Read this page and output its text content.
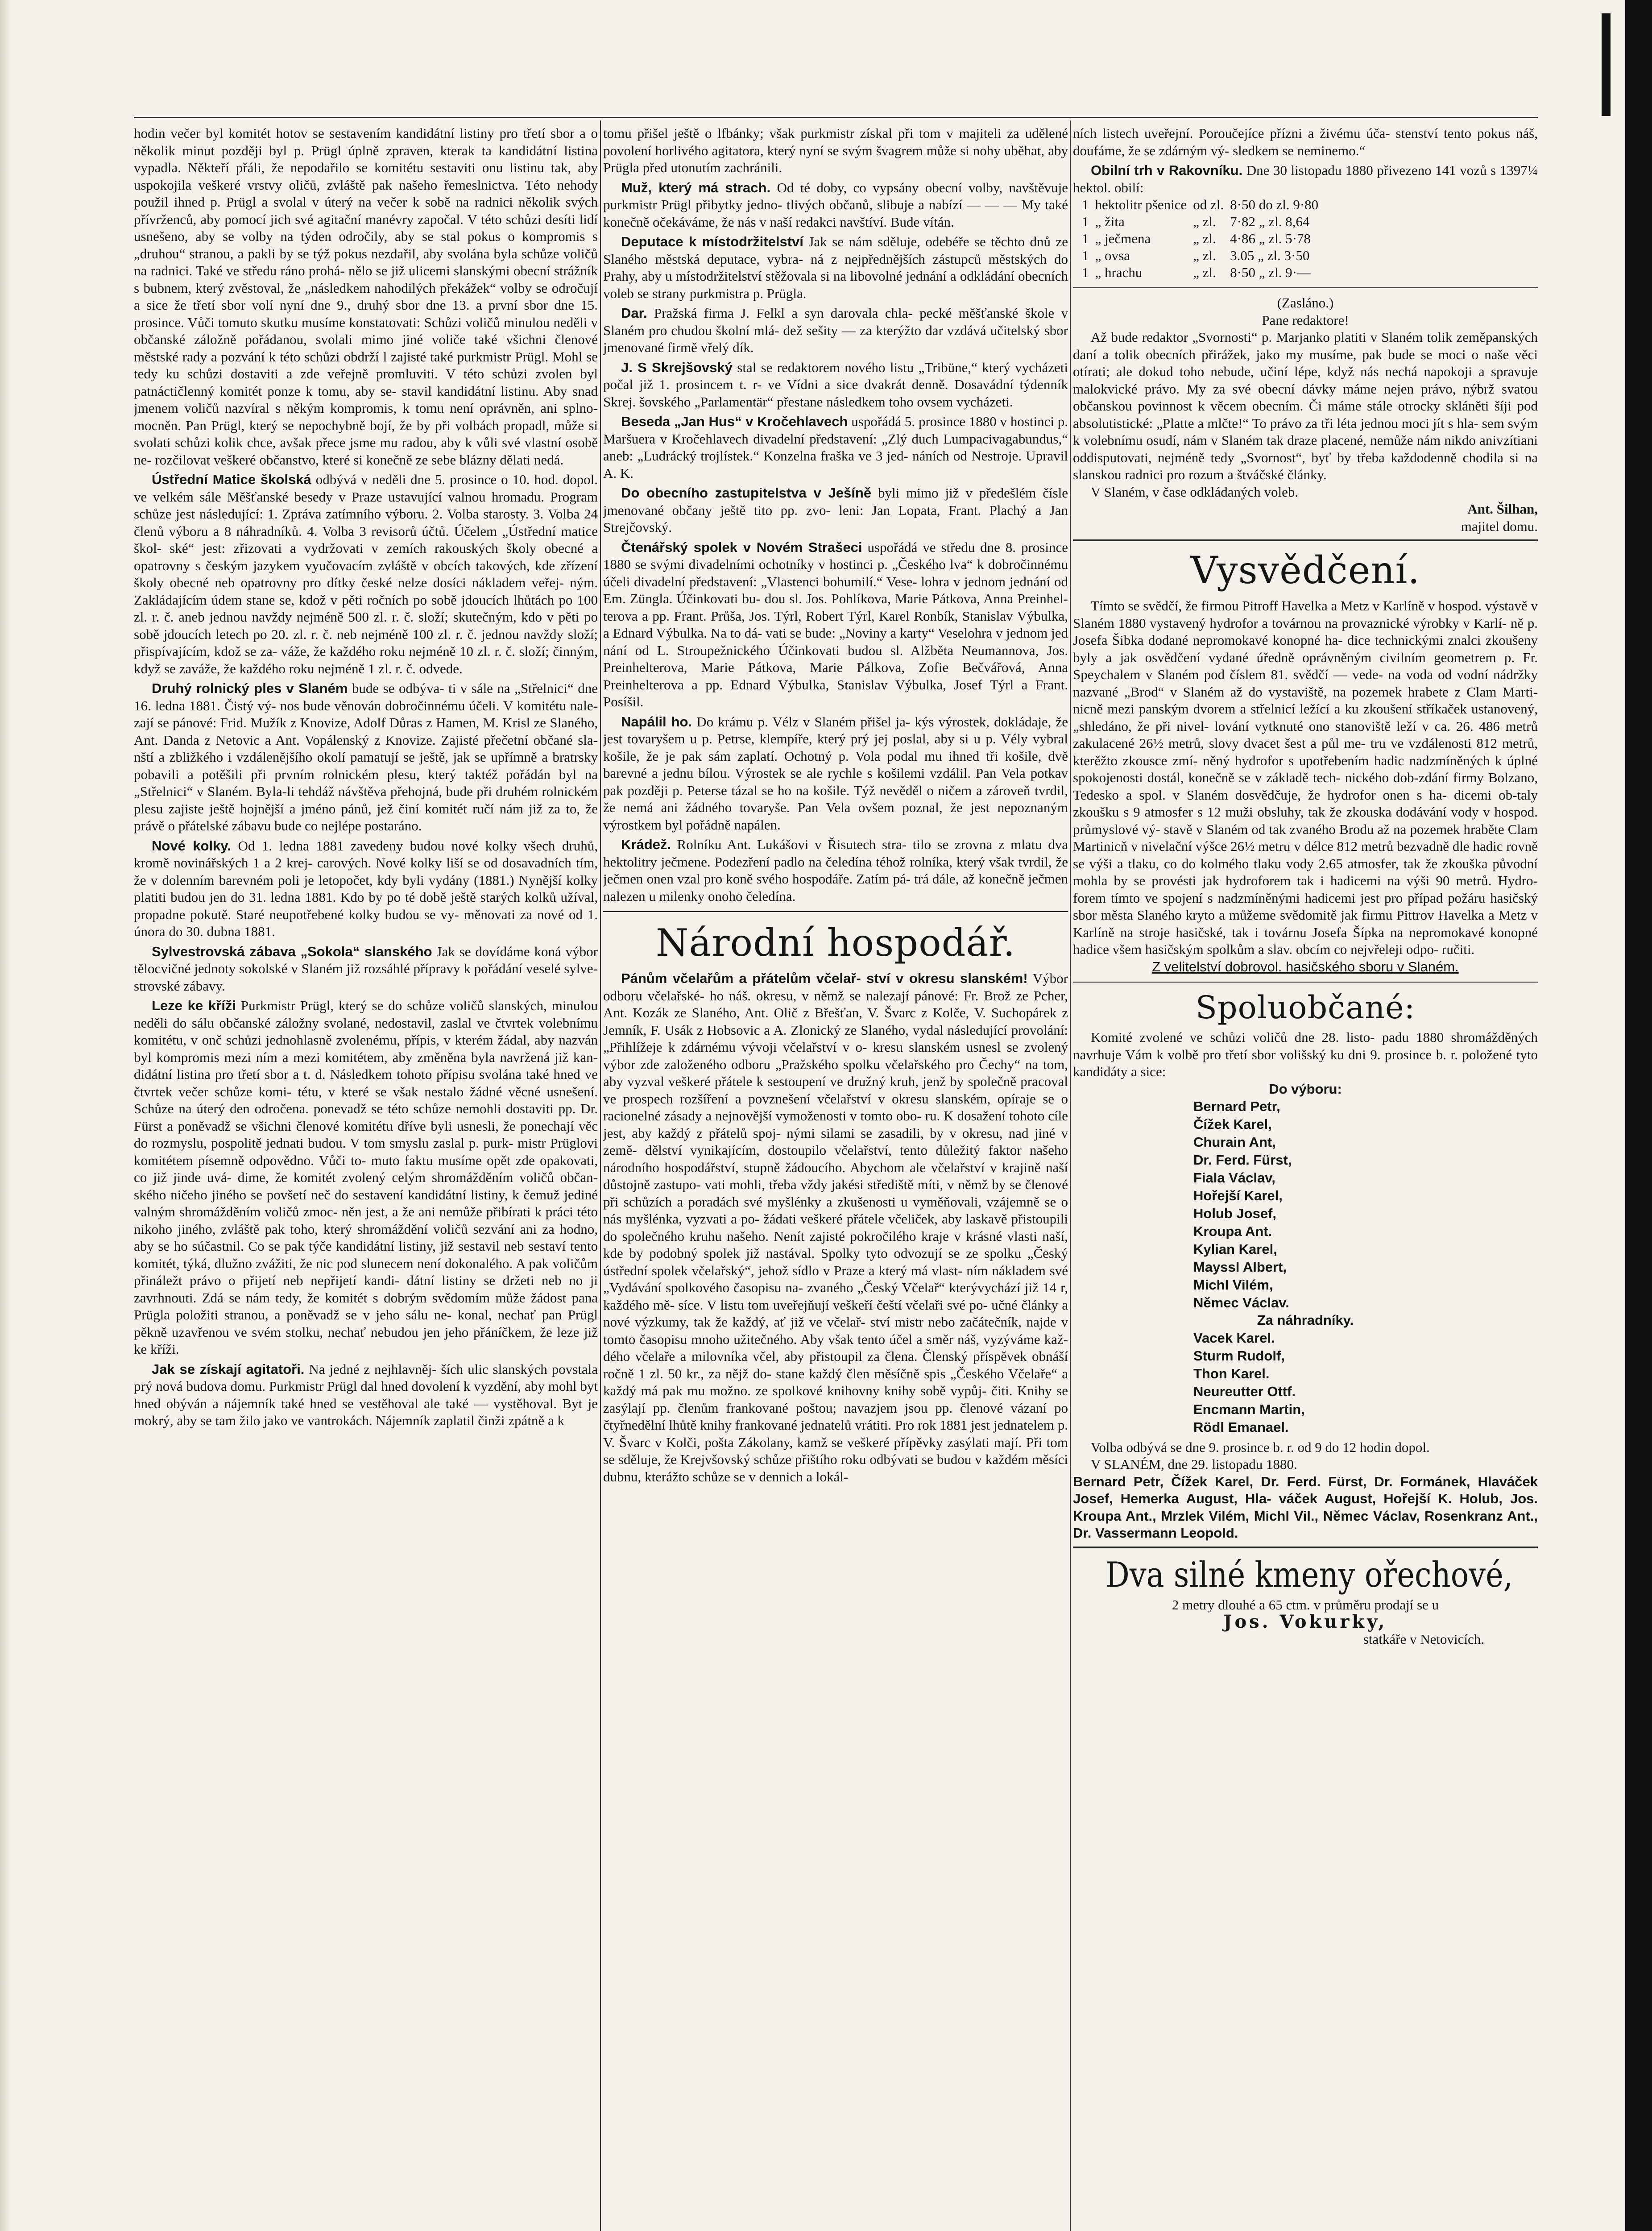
hodin večer byl komitét hotov se sestavením kandidátní listiny pro třetí sbor a o několik minut později byl p. Prügl úplně zpraven, kterak ta kandidátní listina vypadla. Někteří přáli, že nepodařilo se komitétu sestaviti onu listinu tak, aby uspokojila veškeré vrstvy oličů, zvláště pak našeho řemeslnictva. Této nehody použil ihned p. Prügl a svolal v úterý na večer k sobě na radnici několik svých přívrženců, aby pomocí jich své agitační manévry započal. V této schůzi desíti lidí usnešeno, aby se volby na týden odročily, aby se stal pokus o kompromis s „druhou“ stranou, a pakli by se týž pokus nezdařil, aby svolána byla schůze voličů na radnici. Také ve středu ráno prohá- nělo se již ulicemi slanskými obecní strážník s bubnem, který zvěstoval, že „následkem nahodilých překážek“ volby se odročují a sice že třetí sbor volí nyní dne 9., druhý sbor dne 13. a první sbor dne 15. prosince. Vůči tomuto skutku musíme konstatovati: Schůzi voličů minulou neděli v občanské záložně pořádanou, svolali mimo jiné voliče také všichni členové městské rady a pozvání k této schůzi obdrží l zajisté také purkmistr Prügl. Mohl se tedy ku schůzi dostaviti a zde veřejně promluviti. V této schůzi zvolen byl patnáctičlenný komitét ponze k tomu, aby se- stavil kandidátní listinu. Aby snad jmenem voličů nazvíral s někým kompromis, k tomu není oprávněn, ani splno- mocněn. Pan Prügl, který se nepochybně bojí, že by při volbách propadl, může si svolati schůzi kolik chce, avšak přece jsme mu radou, aby k vůli své vlastní osobě ne- rozčilovat veškeré občanstvo, které si konečně ze sebe blázny dělati nedá.

Ústřední Matice školská odbývá v neděli dne 5. prosince o 10. hod. dopol. ve velkém sále Měšťanské besedy v Praze ustavující valnou hromadu. Program schůze jest následující: 1. Zpráva zatímního výboru. 2. Volba starosty. 3. Volba 24 členů výboru a 8 náhradníků. 4. Volba 3 revisorů účtů. Účelem „Ústřední matice škol- ské“ jest: zřizovati a vydržovati v zemích rakouských školy obecné a opatrovny s českým jazykem vyučovacím zvláště v obcích takových, kde zřízení školy obecné neb opatrovny pro dítky české nelze dosíci nákladem veřej- ným. Zakládajícím údem stane se, kdož v pěti ročních po sobě jdoucích lhůtách po 100 zl. r. č. aneb jednou navždy nejméně 500 zl. r. č. složí; skutečným, kdo v pěti po sobě jdoucích letech po 20. zl. r. č. neb nejméně 100 zl. r. č. jednou navždy složí; přispívajícím, kdož se za- váže, že každého roku nejméně 10 zl. r. č. složí; činným, když se zaváže, že každého roku nejméně 1 zl. r. č. odvede.

Druhý rolnický ples v Slaném bude se odbýva- ti v sále na „Střelnici“ dne 16. ledna 1881. Čistý vý- nos bude věnován dobročinnému účeli. V komitétu nale- zají se pánové: Frid. Mužík z Knovize, Adolf Důras z Hamen, M. Krisl ze Slaného, Ant. Danda z Netovic a Ant. Vopálenský z Knovize. Zajisté přečetní občané sla- nští a zbližkého i vzdálenějšího okolí pamatují se ještě, jak se upřímně a bratrsky pobavili a potěšili při prvním rolnickém plesu, který taktéž pořádán byl na „Střelnici“ v Slaném. Byla-li tehdáž návštěva přehojná, bude při druhém rolnickém plesu zajiste ještě hojnější a jméno pánů, jež činí komitét ručí nám již za to, že právě o přátelské zábavu bude co nejlépe postaráno.

Nové kolky. Od 1. ledna 1881 zavedeny budou nové kolky všech druhů, kromě novinářských 1 a 2 krej- carových. Nové kolky liší se od dosavadních tím, že v dolenním barevném poli je letopočet, kdy byli vydány (1881.) Nynější kolky platiti budou jen do 31. ledna 1881. Kdo by po té době ještě starých kolků užíval, propadne pokutě. Staré neupotřebené kolky budou se vy- měnovati za nové od 1. února do 30. dubna 1881.

Sylvestrovská zábava „Sokola“ slanského Jak se dovídáme koná výbor tělocvičné jednoty sokolské v Slaném již rozsáhlé přípravy k pořádání veselé sylve- strovské zábavy.

Leze ke kříži Purkmistr Prügl, který se do schůze voličů slanských, minulou neděli do sálu občanské záložny svolané, nedostavil, zaslal ve čtvrtek volebnímu komitétu, v onč schůzi jednohlasně zvolenému, přípis, v kterém žádal, aby nazván byl kompromis mezi ním a mezi komitétem, aby změněna byla navržená již kan- didátní listina pro třetí sbor a t. d. Následkem tohoto přípisu svolána také hned ve čtvrtek večer schůze komi- tétu, v které se však nestalo žádné věcné usnešení. Schůze na úterý den odročena. ponevadž se této schůze nemohli dostaviti pp. Dr. Fürst a poněvadž se všichni členové komitétu dříve byli usnesli, že ponechají věc do rozmyslu, pospolitě jednati budou. V tom smyslu zaslal p. purk- mistr Prüglovi komitétem písemně odpovědno. Vůči to- muto faktu musíme opět zde opakovati, co již jinde uvá- dime, že komitét zvolený celým shromážděním voličů občan- ského ničeho jiného se povšetí neč do sestavení kandidátní listiny, k čemuž jediné valným shromážděním voličů zmoc- něn jest, a že ani nemůže přibírati k práci této nikoho jiného, zvláště pak toho, který shromáždění voličů sezvání ani za hodno, aby se ho súčastnil. Co se pak týče kandidátní listiny, již sestavil neb sestaví tento komitét, týká, dlužno zvážiti, že nic pod slunecem není dokonalého. A pak voličům přináležt právo o přijetí neb nepřijetí kandi- dátní listiny se držeti neb no ji zavrhnouti. Zdá se nám tedy, že komitét s dobrým svědomím může žádost pana Prügla položiti stranou, a poněvadž se v jeho sálu ne- konal, nechať pan Prügl pěkně uzavřenou ve svém stolku, nechať nebudou jen jeho přáníčkem, že leze již ke kříži.

Jak se získají agitatoři. Na jedné z nejhlavněj- ších ulic slanských povstala prý nová budova domu. Purkmistr Prügl dal hned dovolení k vyzdění, aby mohl byt hned obýván a nájemník také hned se vestěhoval ale také — vystěhoval. Byt je mokrý, aby se tam žilo jako ve vantrokách. Nájemník zaplatil činži zpátně a k

tomu přišel ještě o lfbánky; však purkmistr získal při tom v majiteli za udělené povolení horlivého agitatora, který nyní se svým švagrem může si nohy uběhat, aby Prügla před utonutím zachránili.

Muž, který má strach. Od té doby, co vypsány obecní volby, navštěvuje purkmistr Prügl přibytky jedno- tlivých občanů, slibuje a nabízí — — — My také konečně očekáváme, že nás v naší redakci navštíví. Bude vítán.

Deputace k místodržitelství Jak se nám sděluje, odebéře se těchto dnů ze Slaného městská deputace, vybra- ná z nejpřednějších zástupců městských do Prahy, aby u místodržitelství stěžovala si na libovolné jednání a odkládání obecních voleb se strany purkmistra p. Prügla.

Dar. Pražská firma J. Felkl a syn darovala chla- pecké měšťanské škole v Slaném pro chudou školní mlá- dež sešity — za kterýžto dar vzdává učitelský sbor jmenované firmě vřelý dík.

J. S Skrejšovský stal se redaktorem nového listu „Tribüne,“ který vycházeti počal již 1. prosincem t. r- ve Vídni a sice dvakrát denně. Dosavádní týdenník Skrej. šovského „Parlamentär“ přestane následkem toho ovsem vycházeti.

Beseda „Jan Hus“ v Kročehlavech uspořádá 5. prosince 1880 v hostinci p. Maršuera v Kročehlavech divadelní představení: „Zlý duch Lumpacivagabundus,“ aneb: „Ludrácký trojlístek.“ Konzelna fraška ve 3 jed- náních od Nestroje. Upravil A. K.

Do obecního zastupitelstva v Ješíně byli mimo již v předešlém čísle jmenované občany ještě tito pp. zvo- leni: Jan Lopata, Frant. Plachý a Jan Strejčovský.

Čtenářský spolek v Novém Strašeci uspořádá ve středu dne 8. prosince 1880 se svými divadelními ochotníky v hostinci p. „Českého lva“ k dobročinnému účeli divadelní představení: „Vlastenci bohumilí.“ Vese- lohra v jednom jednání od Em. Züngla. Účinkovati bu- dou sl. Jos. Pohlíkova, Marie Pátkova, Anna Preinhel- terova a pp. Frant. Průša, Jos. Týrl, Robert Týrl, Karel Ronbík, Stanislav Výbulka, a Ednard Výbulka. Na to dá- vati se bude: „Noviny a karty“ Veselohra v jednom jed nání od L. Stroupežnického Účinkovati budou sl. Alžběta Neumannova, Jos. Preinhelterova, Marie Pátkova, Marie Pálkova, Zofie Bečvářová, Anna Preinhelterova a pp. Ednard Výbulka, Stanislav Výbulka, Josef Týrl a Frant. Posíšil.

Napálil ho. Do krámu p. Vélz v Slaném přišel ja- kýs výrostek, dokládaje, že jest tovaryšem u p. Petrse, klempíře, který prý jej poslal, aby si u p. Vély vybral košile, že je pak sám zaplatí. Ochotný p. Vola podal mu ihned tři košile, dvě barevné a jednu bílou. Výrostek se ale rychle s košilemi vzdálil. Pan Vela potkav pak později p. Peterse tázal se ho na košile. Týž nevěděl o ničem a zároveň tvrdil, že nemá ani žádného tovaryše. Pan Vela ovšem poznal, že jest nepoznaným výrostkem byl pořádně napálen.

Krádež. Rolníku Ant. Lukášovi v Řisutech stra- tilo se zrovna z mlatu dva hektolitry ječmene. Podezření padlo na čeledína téhož rolníka, který však tvrdil, že ječmen onen vzal pro koně svého hospodáře. Zatím pá- trá dále, až konečně ječmen nalezen u milenky onoho čeledína.

Národní hospodář.

Pánům včelařům a přátelům včelař- ství v okresu slanském! Výbor odboru včelařské- ho náš. okresu, v němž se nalezají pánové: Fr. Brož ze Pcher, Ant. Kozák ze Slaného, Ant. Olič z Břešťan, V. Švarc z Kolče, V. Suchopárek z Jemník, F. Usák z Hobsovic a A. Zlonický ze Slaného, vydal následující provolání: „Přihlížeje k zdárnému vývoji včelařství v o- kresu slanském usnesl se zvolený výbor zde založeného odboru „Pražského spolku včelařského pro Čechy“ na tom, aby vyzval veškeré přátele k sestoupení ve družný kruh, jenž by společně pracoval ve prospech rozšíření a povznešení včelařství v okresu slanském, opíraje se o racionelné zásady a nejnovější vymoženosti v tomto obo- ru. K dosažení tohoto cíle jest, aby každý z přátelů spoj- nými silami se zasadili, by v okresu, nad jiné v země- dělství vynikajícím, dostoupilo včelařství, tento důležitý faktor našeho národního hospodářství, stupně žádoucího. Abychom ale včelařství v krajině naší důstojně zastupo- vati mohli, třeba vždy jakési střediště míti, v němž by se členové při schůzích a poradách své myšlénky a zkušenosti u vyměňovali, vzájemně se o nás myšlénka, vyzvati a po- žádati veškeré přátele včeliček, aby laskavě přistoupili do společného kruhu našeho. Nenít zajisté pokročilého kraje v krásné vlasti naší, kde by podobný spolek již nastával. Spolky tyto odvozují se ze spolku „Český ústřední spolek včelařský“, jehož sídlo v Praze a který má vlast- ním nákladem své „Vydávání spolkového časopisu na- zvaného „Český Včelař“ kterývychází již 14 r, každého mě- síce. V listu tom uveřejňují veškeří čeští včelaři své po- učné články a nové výzkumy, tak že každý, ať již ve včelař- ství mistr nebo začátečník, najde v tomto časopisu mnoho užitečného. Aby však tento účel a směr náš, vyzýváme kaž- dého včelaře a milovníka včel, aby přistoupil za člena. Členský příspěvek obnáší ročně 1 zl. 50 kr., za nějž do- stane každý člen měsíčně spis „Českého Včelaře“ a každý má pak mu možno. ze spolkové knihovny knihy sobě vypůj- čiti. Knihy se zasýlají pp. členům frankované poštou; navazjem jsou pp. členové vázaní po čtyřnedělní lhůtě knihy frankované jednatelů vrátiti. Pro rok 1881 jest jednatelem p. V. Švarc v Kolči, pošta Zákolany, kamž se veškeré přípěvky zasýlati mají. Při tom se sděluje, že Krejvšovský schůze přištího roku odbývati se budou v každém měsíci dubnu, kterážto schůze se v dennich a lokál-

ních listech uveřejní. Poroučejíce přízni a živému úča- stenství tento pokus náš, doufáme, že se zdárným vý- sledkem se neminemo.“

Obilní trh v Rakovníku. Dne 30 listopadu 1880 přivezeno 141 vozů s 1397¼ hektol. obilí:

1	hektolitr pšenice	od zl.	8·50 do zl. 9·80
1	„ žita	„ zl.	7·82 „ zl. 8,64
1	„ ječmena	„ zl.	4·86 „ zl. 5·78
1	„ ovsa	„ zl.	3.05 „ zl. 3·50
1	„ hrachu	„ zl.	8·50 „ zl. 9·—

(Zasláno.)

Pane redaktore!

Až bude redaktor „Svornosti“ p. Marjanko platiti v Slaném tolik zeměpanských daní a tolik obecních přirážek, jako my musíme, pak bude se moci o naše věci otírati; ale dokud toho nebude, učiní lépe, když nás nechá napokoji a spravuje malokvické právo. My za své obecní dávky máme nejen právo, nýbrž svatou občanskou povinnost k věcem obecním. Či máme stále otrocky skláněti šíji pod absolutistické: „Platte a mlčte!“ To právo za tři léta jednou moci jít s hla- sem svým k volebnímu osudí, nám v Slaném tak draze placené, nemůže nám nikdo anivzítiani oddisputovati, nejméně tedy „Svornost“, byť by třeba každodenně chodila si na slanskou radnici pro rozum a štváčské články.

V Slaném, v čase odkládaných voleb.

Ant. Šilhan,

majitel domu.

Vysvědčení.

Tímto se svědčí, že firmou Pitroff Havelka a Metz v Karlíně v hospod. výstavě v Slaném 1880 vystavený hydrofor a továrnou na provaznické výrobky v Karlí- ně p. Josefa Šibka dodané nepromokavé konopné ha- dice technickými znalci zkoušeny byly a jak osvědčení vydané úředně oprávněným civilním geometrem p. Fr. Speychalem v Slaném pod číslem 81. svědčí — vede- na voda od vodní nádržky nazvané „Brod“ v Slaném až do vystaviště, na pozemek hrabete z Clam Marti- nicně mezi panským dvorem a střelnicí ležící a ku zkoušení stříkaček ustanovený, „shledáno, že při nivel- lování vytknuté ono stanoviště leží v ca. 26. 486 metrů zakulacené 26½ metrů, slovy dvacet šest a půl me- tru ve vzdálenosti 812 metrů, kterěžto zkousce zmí- něný hydrofor s upotřebením hadic nadzmíněných k úplné spokojenosti dostál, konečně se v základě tech- nického dob-zdání firmy Bolzano, Tedesko a spol. v Slaném dosvědčuje, že hydrofor onen s ha- dicemi ob-taly zkoušku s 9 atmosfer s 12 muži obsluhy, tak že zkouska dodávání vody v hospod. průmyslové vý- stavě v Slaném od tak zvaného Brodu až na pozemek hraběte Clam Martinicň v nivelační výšce 26½ metru v délce 812 metrů bezvadně dle hadic rovně se výši a tlaku, co do kolmého tlaku vody 2.65 atmosfer, tak že zkouška původní mohla by se provésti jak hydroforem tak i hadicemi na výši 90 metrů. Hydro- forem tímto ve spojení s nadzmíněnými hadicemi jest pro případ požáru hasičský sbor města Slaného kryto a můžeme svědomitě jak firmu Pittrov Havelka a Metz v Karlíně na stroje hasičské, tak i továrnu Josefa Šípka na nepromokavé konopné hadice všem hasičským spolkům a slav. obcím co nejvřeleji odpo- ručiti.

Z velitelství dobrovol. hasičského sboru v Slaném.

Spoluobčané:

Komité zvolené ve schůzi voličů dne 28. listo- padu 1880 shromážděných navrhuje Vám k volbě pro třetí sbor volišský ku dni 9. prosince b. r. položené tyto kandidáty a sice:

Do výboru:

Bernard Petr,

Čížek Karel,

Churain Ant,

Dr. Ferd. Fürst,

Fiala Václav,

Hořejší Karel,

Holub Josef,

Kroupa Ant.

Kylian Karel,

Mayssl Albert,

Michl Vilém,

Němec Václav.

Za náhradníky.

Vacek Karel.

Sturm Rudolf,

Thon Karel.

Neureutter Ottf.

Encmann Martin,

Rödl Emanael.

Volba odbývá se dne 9. prosince b. r. od 9 do 12 hodin dopol.

V SLANÉM, dne 29. listopadu 1880.

Bernard Petr, Čížek Karel, Dr. Ferd. Fürst, Dr. Formánek, Hlaváček Josef, Hemerka August, Hla- váček August, Hořejší K. Holub, Jos. Kroupa Ant., Mrzlek Vilém, Michl Vil., Němec Václav, Rosenkranz Ant., Dr. Vassermann Leopold.

Dva silné kmeny ořechové,

2 metry dlouhé a 65 ctm. v průměru prodají se u

Jos. Vokurky,

statkáře v Netovicích.
